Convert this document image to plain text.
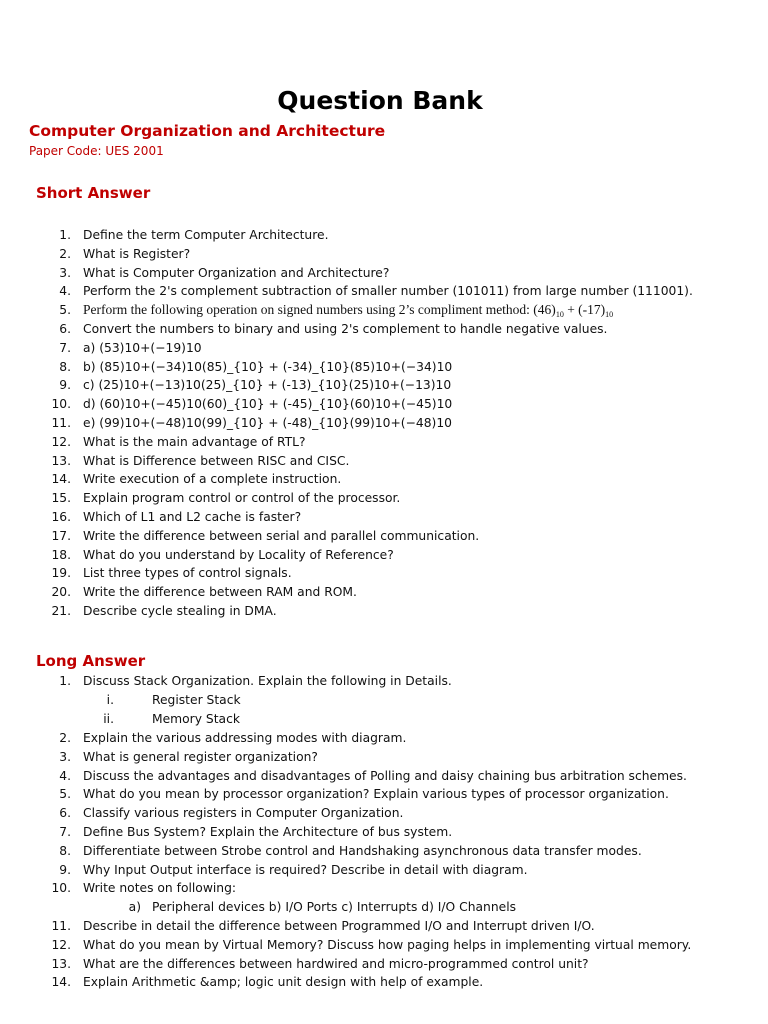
Question Bank
Computer Organization and Architecture
Paper Code: UES 2001
Short Answer
1. Define the term Computer Architecture.
2. What is Register?
3. What is Computer Organization and Architecture?
4. Perform the 2's complement subtraction of smaller number (101011) from large number (111001).
5. Perform the following operation on signed numbers using 2’s compliment method: $(46)_{10} + (-17)_{10}$
6. Convert the numbers to binary and using 2's complement to handle negative values.
7. a) (53)10+(−19)10
8. b) (85)10+(−34)10(85)_{10} + (-34)_{10}(85)10+(−34)10
9. c) (25)10+(−13)10(25)_{10} + (-13)_{10}(25)10+(−13)10
10. d) (60)10+(−45)10(60)_{10} + (-45)_{10}(60)10+(−45)10
11. e) (99)10+(−48)10(99)_{10} + (-48)_{10}(99)10+(−48)10
12. What is the main advantage of RTL?
13. What is Difference between RISC and CISC.
14. Write execution of a complete instruction.
15. Explain program control or control of the processor.
16. Which of L1 and L2 cache is faster?
17. Write the difference between serial and parallel communication.
18. What do you understand by Locality of Reference?
19. List three types of control signals.
20. Write the difference between RAM and ROM.
21. Describe cycle stealing in DMA.
Long Answer
1. Discuss Stack Organization. Explain the following in Details.
i.	Register Stack
ii.	Memory Stack
2. Explain the various addressing modes with diagram.
3. What is general register organization?
4. Discuss the advantages and disadvantages of Polling and daisy chaining bus arbitration schemes.
5. What do you mean by processor organization? Explain various types of processor organization.
6. Classify various registers in Computer Organization.
7. Define Bus System? Explain the Architecture of bus system.
8. Differentiate between Strobe control and Handshaking asynchronous data transfer modes.
9. Why Input Output interface is required? Describe in detail with diagram.
10. Write notes on following:
a) Peripheral devices b) I/O Ports c) Interrupts d) I/O Channels
11. Describe in detail the difference between Programmed I/O and Interrupt driven I/O.
12. What do you mean by Virtual Memory? Discuss how paging helps in implementing virtual memory.
13. What are the differences between hardwired and micro-programmed control unit?
14. Explain Arithmetic &amp; logic unit design with help of example.
